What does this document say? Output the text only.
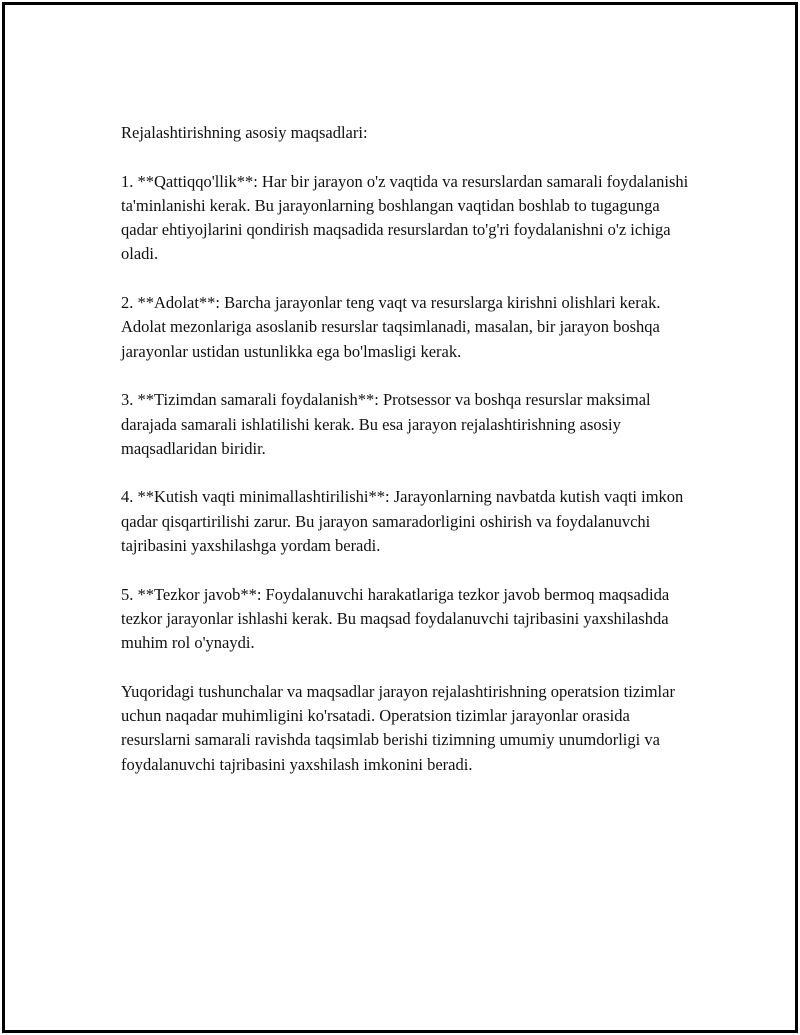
Rejalashtirishning asosiy maqsadlari:

1. **Qattiqqo'llik**: Har bir jarayon o'z vaqtida va resurslardan samarali foydalanishi ta'minlanishi kerak. Bu jarayonlarning boshlangan vaqtidan boshlab to tugagunga qadar ehtiyojlarini qondirish maqsadida resurslardan to'g'ri foydalanishni o'z ichiga oladi.

2. **Adolat**: Barcha jarayonlar teng vaqt va resurslarga kirishni olishlari kerak. Adolat mezonlariga asoslanib resurslar taqsimlanadi, masalan, bir jarayon boshqa jarayonlar ustidan ustunlikka ega bo'lmasligi kerak.

3. **Tizimdan samarali foydalanish**: Protsessor va boshqa resurslar maksimal darajada samarali ishlatilishi kerak. Bu esa jarayon rejalashtirishning asosiy maqsadlaridan biridir.

4. **Kutish vaqti minimallashtirilishi**: Jarayonlarning navbatda kutish vaqti imkon qadar qisqartirilishi zarur. Bu jarayon samaradorligini oshirish va foydalanuvchi tajribasini yaxshilashga yordam beradi.

5. **Tezkor javob**: Foydalanuvchi harakatlariga tezkor javob bermoq maqsadida tezkor jarayonlar ishlashi kerak. Bu maqsad foydalanuvchi tajribasini yaxshilashda muhim rol o'ynaydi.

Yuqoridagi tushunchalar va maqsadlar jarayon rejalashtirishning operatsion tizimlar uchun naqadar muhimligini ko'rsatadi. Operatsion tizimlar jarayonlar orasida resurslarni samarali ravishda taqsimlab berishi tizimning umumiy unumdorligi va foydalanuvchi tajribasini yaxshilash imkonini beradi.
